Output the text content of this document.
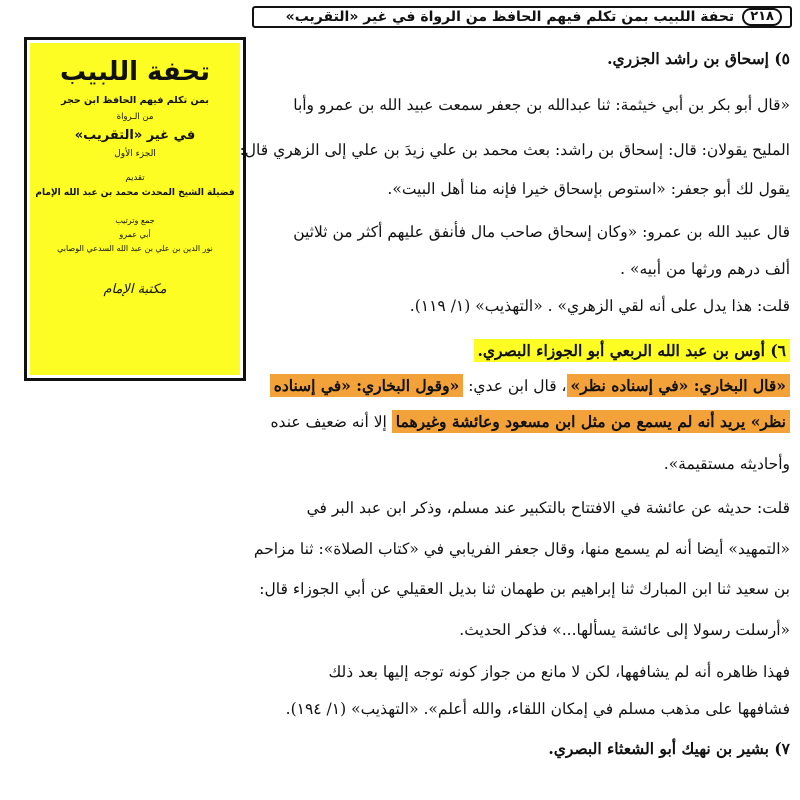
٢١٨
تحفة اللبيب بمن تكلم فيهم الحافظ من الرواة في غير «التقريب»
تحفة اللبيب
بمن تكلم فيهم الحافظ ابن حجر
من الـرواة
في غير «التقريب»
الجزء الأول
تقديم
فضيلة الشيخ المحدث محمد بن عبد الله الإمام
جمع وترتيب
أبي عمرو
نور الدين بن علي بن عبد الله السدعي الوصابي
مكتبة الإمام
٥) إسحاق بن راشد الجزري.
«قال أبو بكر بن أبي خيثمة: ثنا عبدالله بن جعفر سمعت عبيد الله بن عمرو وأبا
المليح يقولان: قال: إسحاق بن راشد: بعث محمد بن علي زيدَ بن علي إلى الزهري قال:
يقول لك أبو جعفر: «استوص بإسحاق خيرا فإنه منا أهل البيت».
قال عبيد الله بن عمرو: «وكان إسحاق صاحب مال فأنفق عليهم أكثر من ثلاثين
ألف درهم ورثها من أبيه» .
قلت: هذا يدل على أنه لقي الزهري» . «التهذيب» (١/ ١١٩).
٦) أوس بن عبد الله الربعي أبو الجوزاء البصري.
«قال البخاري: «في إسناده نظر»، قال ابن عدي: «وقول البخاري: «في إسناده
نظر» يريد أنه لم يسمع من مثل ابن مسعود وعائشة وغيرهما إلا أنه ضعيف عنده
وأحاديثه مستقيمة».
قلت: حديثه عن عائشة في الافتتاح بالتكبير عند مسلم، وذكر ابن عبد البر في
«التمهيد» أيضا أنه لم يسمع منها، وقال جعفر الفريابي في «كتاب الصلاة»: ثنا مزاحم
بن سعيد ثنا ابن المبارك ثنا إبراهيم بن طهمان ثنا بديل العقيلي عن أبي الجوزاء قال:
«أرسلت رسولا إلى عائشة يسألها...» فذكر الحديث.
فهذا ظاهره أنه لم يشافهها، لكن لا مانع من جواز كونه توجه إليها بعد ذلك
فشافهها على مذهب مسلم في إمكان اللقاء، والله أعلم». «التهذيب» (١/ ١٩٤).
٧) بشير بن نهيك أبو الشعثاء البصري.
